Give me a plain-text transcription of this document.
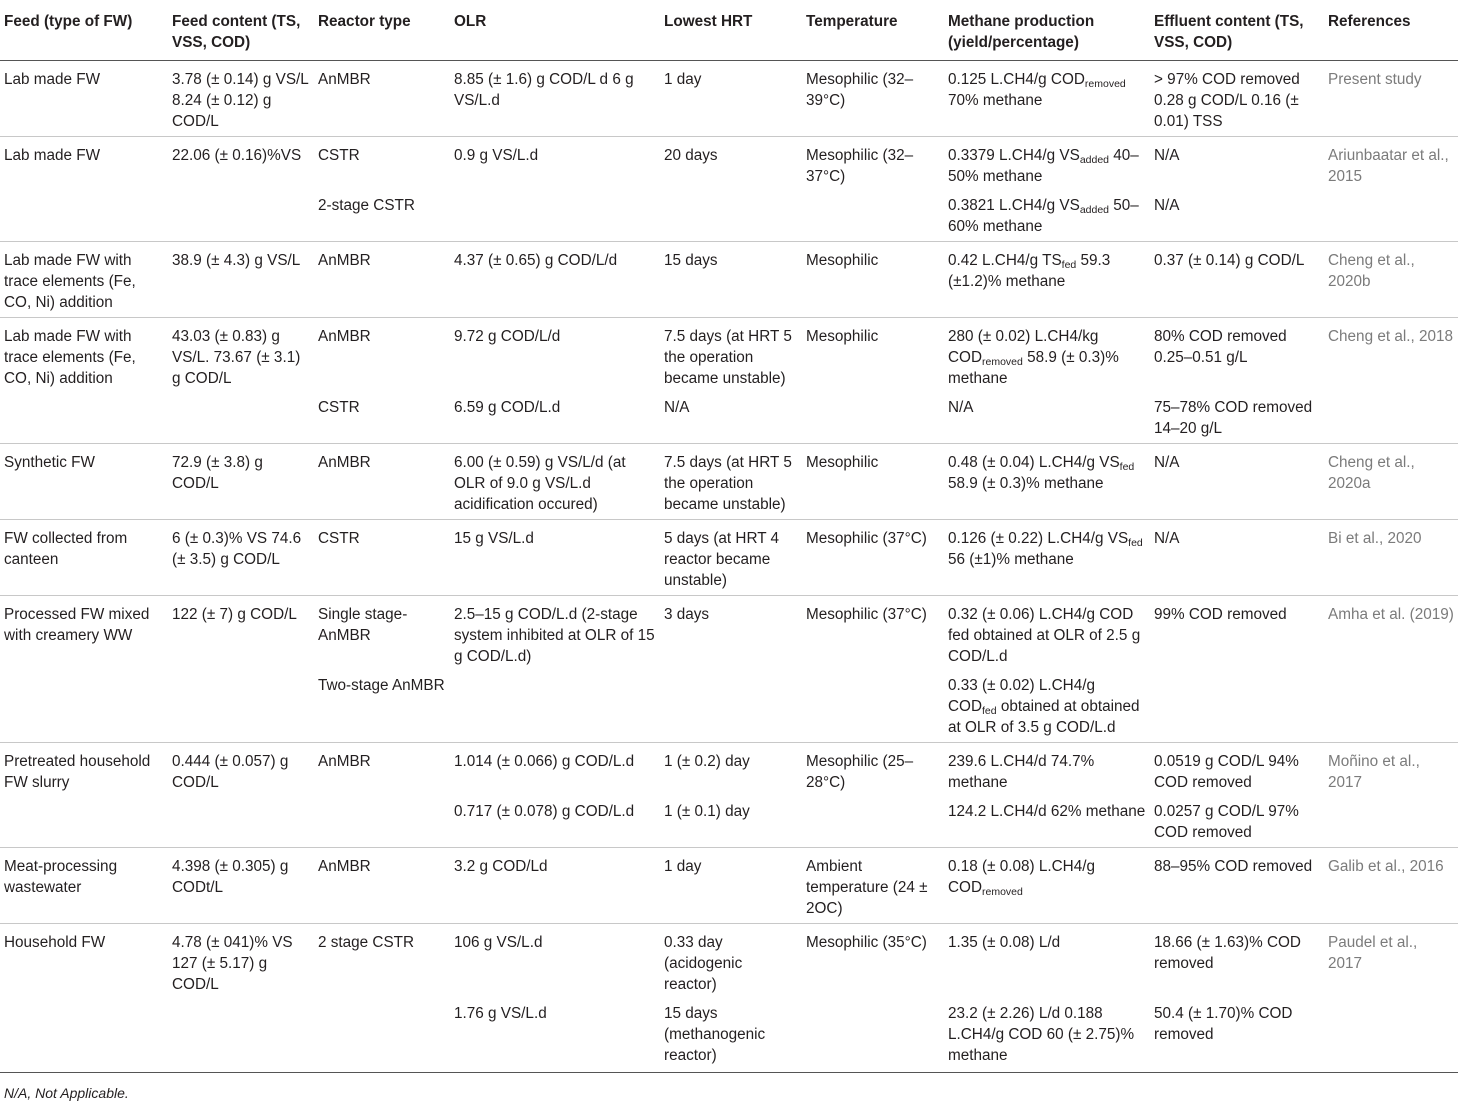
Feed (type of FW)	Feed content (TS, VSS, COD)	Reactor type	OLR	Lowest HRT	Temperature	Methane production (yield/percentage)	Effluent content (TS, VSS, COD)	References
Lab made FW	3.78 (± 0.14) g VS/L 8.24 (± 0.12) g COD/L	AnMBR	8.85 (± 1.6) g COD/L d 6 g VS/L.d	1 day	Mesophilic (32–39°C)	0.125 L.CH4/g $COD_{removed}$ 70% methane	> 97% COD removed 0.28 g COD/L 0.16 (± 0.01) TSS	Present study
Lab made FW	22.06 (± 0.16)%VS	CSTR	0.9 g VS/L.d	20 days	Mesophilic (32–37°C)	0.3379 L.CH4/g $VS_{added}$ 40–50% methane	N/A	Ariunbaatar et al., 2015
		2-stage CSTR				0.3821 L.CH4/g $VS_{added}$ 50–60% methane	N/A	
Lab made FW with trace elements (Fe, CO, Ni) addition	38.9 (± 4.3) g VS/L	AnMBR	4.37 (± 0.65) g COD/L/d	15 days	Mesophilic	0.42 L.CH4/g $TS_{fed}$ 59.3 (±1.2)% methane	0.37 (± 0.14) g COD/L	Cheng et al., 2020b
Lab made FW with trace elements (Fe, CO, Ni) addition	43.03 (± 0.83) g VS/L. 73.67 (± 3.1) g COD/L	AnMBR	9.72 g COD/L/d	7.5 days (at HRT 5 the operation became unstable)	Mesophilic	280 (± 0.02) L.CH4/kg $COD_{removed}$ 58.9 (± 0.3)% methane	80% COD removed 0.25–0.51 g/L	Cheng et al., 2018
		CSTR	6.59 g COD/L.d	N/A		N/A	75–78% COD removed 14–20 g/L	
Synthetic FW	72.9 (± 3.8) g COD/L	AnMBR	6.00 (± 0.59) g VS/L/d (at OLR of 9.0 g VS/L.d acidification occured)	7.5 days (at HRT 5 the operation became unstable)	Mesophilic	0.48 (± 0.04) L.CH4/g $VS_{fed}$ 58.9 (± 0.3)% methane	N/A	Cheng et al., 2020a
FW collected from canteen	6 (± 0.3)% VS 74.6 (± 3.5) g COD/L	CSTR	15 g VS/L.d	5 days (at HRT 4 reactor became unstable)	Mesophilic (37°C)	0.126 (± 0.22) L.CH4/g $VS_{fed}$ 56 (±1)% methane	N/A	Bi et al., 2020
Processed FW mixed with creamery WW	122 (± 7) g COD/L	Single stage-AnMBR	2.5–15 g COD/L.d (2-stage system inhibited at OLR of 15 g COD/L.d)	3 days	Mesophilic (37°C)	0.32 (± 0.06) L.CH4/g COD fed obtained at OLR of 2.5 g COD/L.d	99% COD removed	Amha et al. (2019)
		Two-stage AnMBR				0.33 (± 0.02) L.CH4/g $COD_{fed}$ obtained at obtained at OLR of 3.5 g COD/L.d		
Pretreated household FW slurry	0.444 (± 0.057) g COD/L	AnMBR	1.014 (± 0.066) g COD/L.d	1 (± 0.2) day	Mesophilic (25–28°C)	239.6 L.CH4/d 74.7% methane	0.0519 g COD/L 94% COD removed	Moñino et al., 2017
			0.717 (± 0.078) g COD/L.d	1 (± 0.1) day		124.2 L.CH4/d 62% methane	0.0257 g COD/L 97% COD removed	
Meat-processing wastewater	4.398 (± 0.305) g CODt/L	AnMBR	3.2 g COD/Ld	1 day	Ambient temperature (24 ± 2OC)	0.18 (± 0.08) L.CH4/g $COD_{removed}$	88–95% COD removed	Galib et al., 2016
Household FW	4.78 (± 041)% VS 127 (± 5.17) g COD/L	2 stage CSTR	106 g VS/L.d	0.33 day (acidogenic reactor)	Mesophilic (35°C)	1.35 (± 0.08) L/d	18.66 (± 1.63)% COD removed	Paudel et al., 2017
			1.76 g VS/L.d	15 days (methanogenic reactor)		23.2 (± 2.26) L/d 0.188 L.CH4/g COD 60 (± 2.75)% methane	50.4 (± 1.70)% COD removed	
N/A, Not Applicable.
